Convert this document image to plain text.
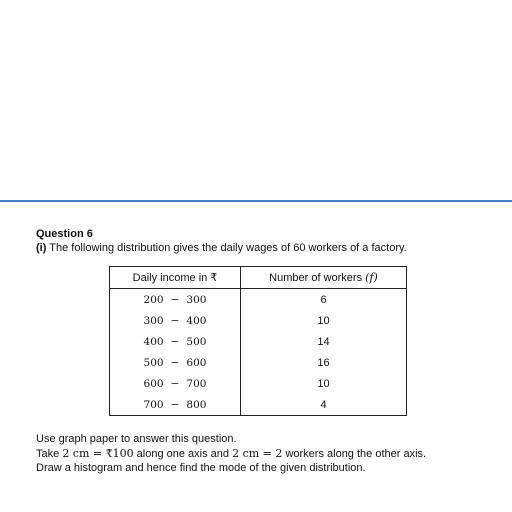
Question 6

(i) The following distribution gives the daily wages of 60 workers of a factory.

Daily income in ₹	Number of workers (f)
200 − 300	6
300 − 400	10
400 − 500	14
500 − 600	16
600 − 700	10
700 − 800	4

Use graph paper to answer this question.

Take 2 cm = ₹100 along one axis and 2 cm = 2 workers along the other axis.

Draw a histogram and hence find the mode of the given distribution.
